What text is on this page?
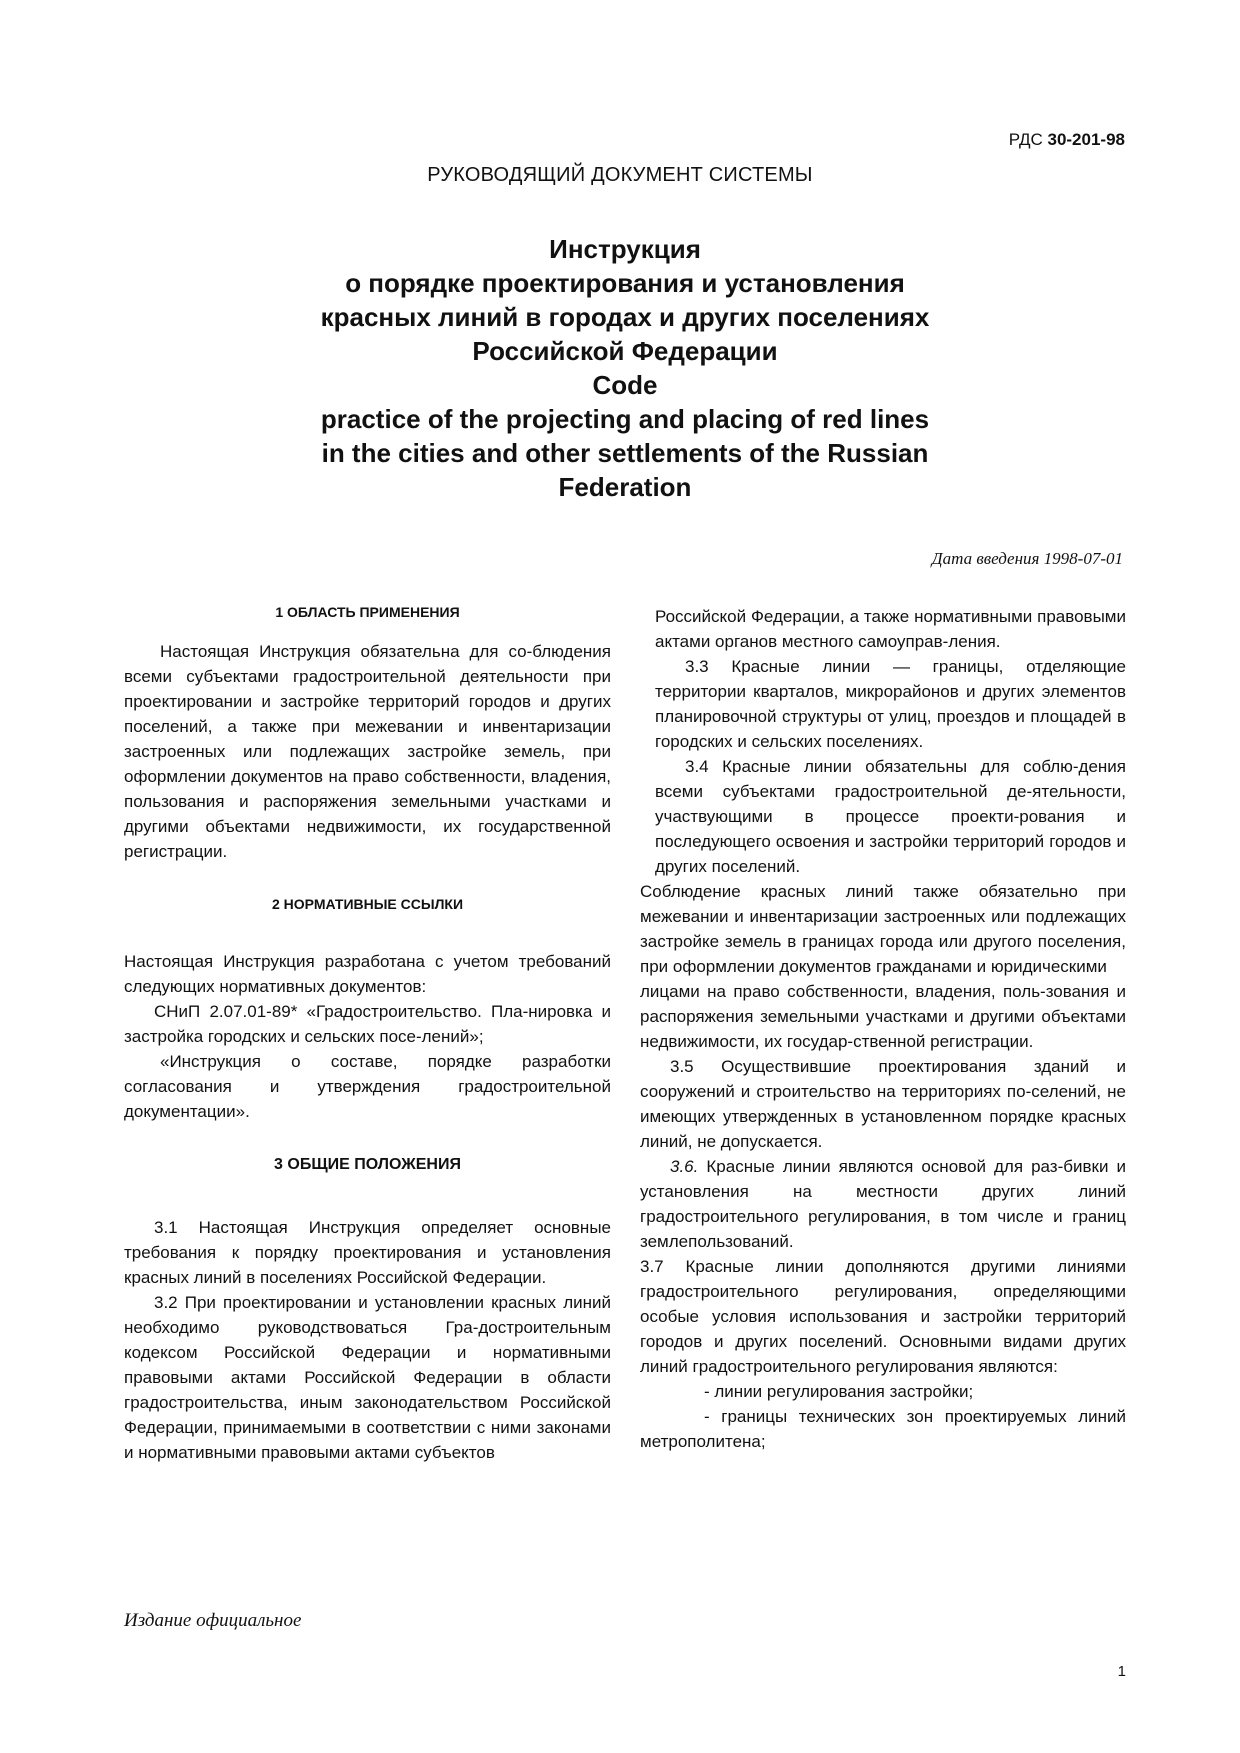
РДС 30-201-98
РУКОВОДЯЩИЙ ДОКУМЕНТ СИСТЕМЫ
Инструкция
о порядке проектирования и установления
красных линий в городах и других поселениях
Российской Федерации
Code
practice of the projecting and placing of red lines
in the cities and other settlements of the Russian
Federation
Дата введения 1998-07-01

1 ОБЛАСТЬ ПРИМЕНЕНИЯ

Настоящая Инструкция обязательна для со-блюдения всеми субъектами градостроительной деятельности при проектировании и застройке территорий городов и других поселений, а также при межевании и инвентаризации застроенных или подлежащих застройке земель, при оформлении документов на право собственности, владения, пользования и распоряжения земельными участками и другими объектами недвижимости, их государственной регистрации.

2 НОРМАТИВНЫЕ ССЫЛКИ

Настоящая Инструкция разработана с учетом требований следующих нормативных документов:

СНиП 2.07.01-89* «Градостроительство. Пла-нировка и застройка городских и сельских посе-лений»;

«Инструкция о составе, порядке разработки согласования и утверждения градостроительной документации».

3 ОБЩИЕ ПОЛОЖЕНИЯ

3.1 Настоящая Инструкция определяет основные требования к порядку проектирования и установления красных линий в поселениях Российской Федерации.

3.2 При проектировании и установлении красных линий необходимо руководствоваться Гра-достроительным кодексом Российской Федерации и нормативными правовыми актами Российской Федерации в области градостроительства, иным законодательством Российской Федерации, принимаемыми в соответствии с ними законами и нормативными правовыми актами субъектов

Российской Федерации, а также нормативными правовыми актами органов местного самоуправ-ления.

3.3 Красные линии — границы, отделяющие территории кварталов, микрорайонов и других элементов планировочной структуры от улиц, проездов и площадей в городских и сельских поселениях.

3.4 Красные линии обязательны для соблю-дения всеми субъектами градостроительной де-ятельности, участвующими в процессе проекти-рования и последующего освоения и застройки территорий городов и других поселений.

Соблюдение красных линий также обязательно при межевании и инвентаризации застроенных или подлежащих застройке земель в границах города или другого поселения, при оформлении документов гражданами и юридическими

лицами на право собственности, владения, поль-зования и распоряжения земельными участками и другими объектами недвижимости, их государ-ственной регистрации.

3.5 Осуществившие проектирования зданий и сооружений и строительство на территориях по-селений, не имеющих утвержденных в установленном порядке красных линий, не допускается.

3.6. Красные линии являются основой для раз-бивки и установления на местности других линий градостроительного регулирования, в том числе и границ землепользований.

3.7 Красные линии дополняются другими линиями градостроительного регулирования, определяющими особые условия использования и застройки территорий городов и других поселений. Основными видами других линий градостроительного регулирования являются:

- линии регулирования застройки;

- границы технических зон проектируемых линий метрополитена;

Издание официальное
1
